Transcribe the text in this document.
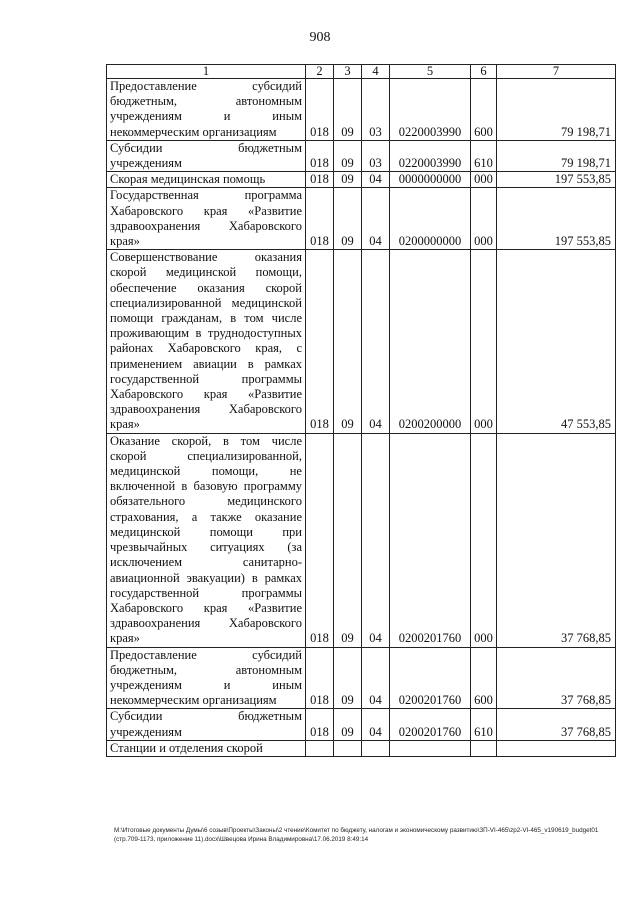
908
1	2	3	4	5	6	7
Предоставление субсидий бюджетным, автономным учреждениям и иным некоммерческим организациям	018	09	03	0220003990	600	79 198,71
Субсидии бюджетным учреждениям	018	09	03	0220003990	610	79 198,71
Скорая медицинская помощь	018	09	04	0000000000	000	197 553,85
Государственная программа Хабаровского края «Развитие здравоохранения Хабаровского края»	018	09	04	0200000000	000	197 553,85
Совершенствование оказания скорой медицинской помощи, обеспечение оказания скорой специализированной медицинской помощи гражданам, в том числе проживающим в труднодоступных районах Хабаровского края, с применением авиации в рамках государственной программы Хабаровского края «Развитие здравоохранения Хабаровского края»	018	09	04	0200200000	000	47 553,85
Оказание скорой, в том числе скорой специализированной, медицинской помощи, не включенной в базовую программу обязательного медицинского страхования, а также оказание медицинской помощи при чрезвычайных ситуациях (за исключением санитарно-авиационной эвакуации) в рамках государственной программы Хабаровского края «Развитие здравоохранения Хабаровского края»	018	09	04	0200201760	000	37 768,85
Предоставление субсидий бюджетным, автономным учреждениям и иным некоммерческим организациям	018	09	04	0200201760	600	37 768,85
Субсидии бюджетным учреждениям	018	09	04	0200201760	610	37 768,85
Станции и отделения скорой						
M:\Итоговые документы Думы\6 созыв\Проекты\Законы\2 чтение\Комитет по бюджету, налогам и экономическому развитию\ЗП-VI-465\zp2-VI-465_v190619_budget01 (стр.709-1173, приложение 11).docx\Швецова Ирина Владимировна\17.06.2019 8:49:14
